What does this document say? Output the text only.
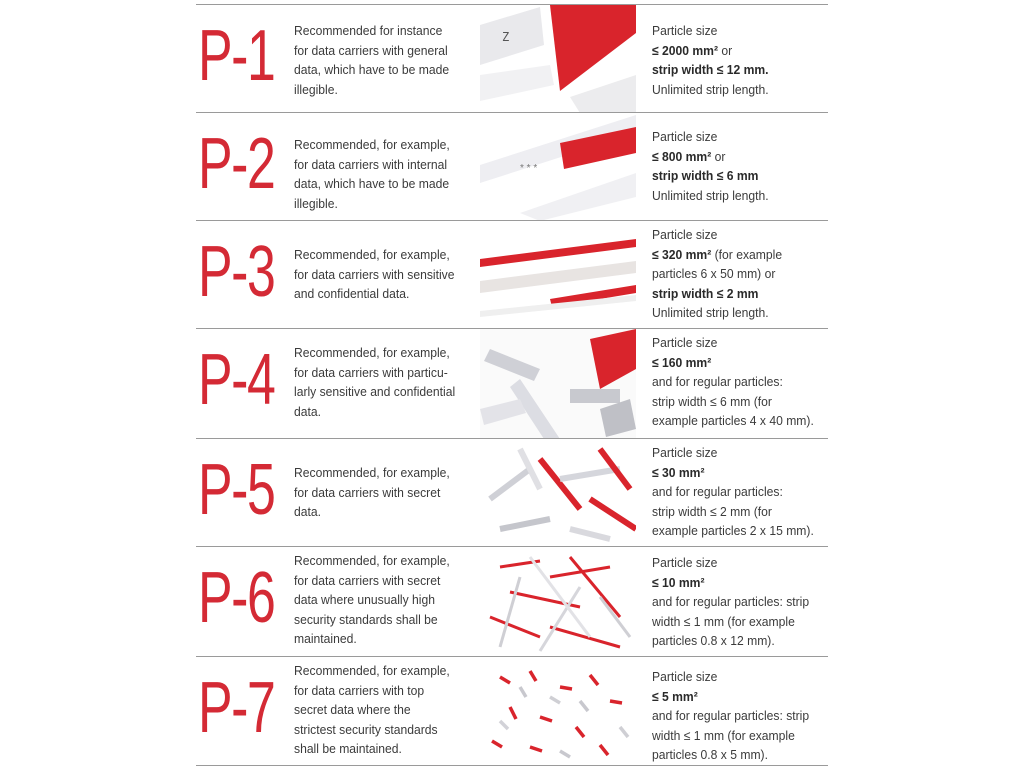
P-1 Recommended for instance
for data carriers with general
data, which have to be made
illegible.
Z	Particle size
≤ 2000 mm² or
strip width ≤ 12 mm.
Unlimited strip length.
P-2 Recommended, for example,
for data carriers with internal
data, which have to be made
illegible.
* * *
Particle size
≤ 800 mm² or
strip width ≤ 6 mm
Unlimited strip length.
P-3 Recommended, for example,
for data carriers with sensitive
and confidential data.
Particle size
≤ 320 mm² (for example
particles 6 x 50 mm) or
strip width ≤ 2 mm
Unlimited strip length.
P-4 Recommended, for example,
for data carriers with particu-
larly sensitive and confidential
data.
Particle size
≤ 160 mm²
and for regular particles:
strip width ≤ 6 mm (for
example particles 4 x 40 mm).
P-5 Recommended, for example,
for data carriers with secret
data.
Particle size
≤ 30 mm²
and for regular particles:
strip width ≤ 2 mm (for
example particles 2 x 15 mm).
P-6 Recommended, for example,
for data carriers with secret
data where unusually high
security standards shall be
maintained.
Particle size
≤ 10 mm²
and for regular particles: strip
width ≤ 1 mm (for example
particles 0.8 x 12 mm).
P-7 Recommended, for example,
for data carriers with top
secret data where the
strictest security standards
shall be maintained.
Particle size
≤ 5 mm²
and for regular particles: strip
width ≤ 1 mm (for example
particles 0.8 x 5 mm).
